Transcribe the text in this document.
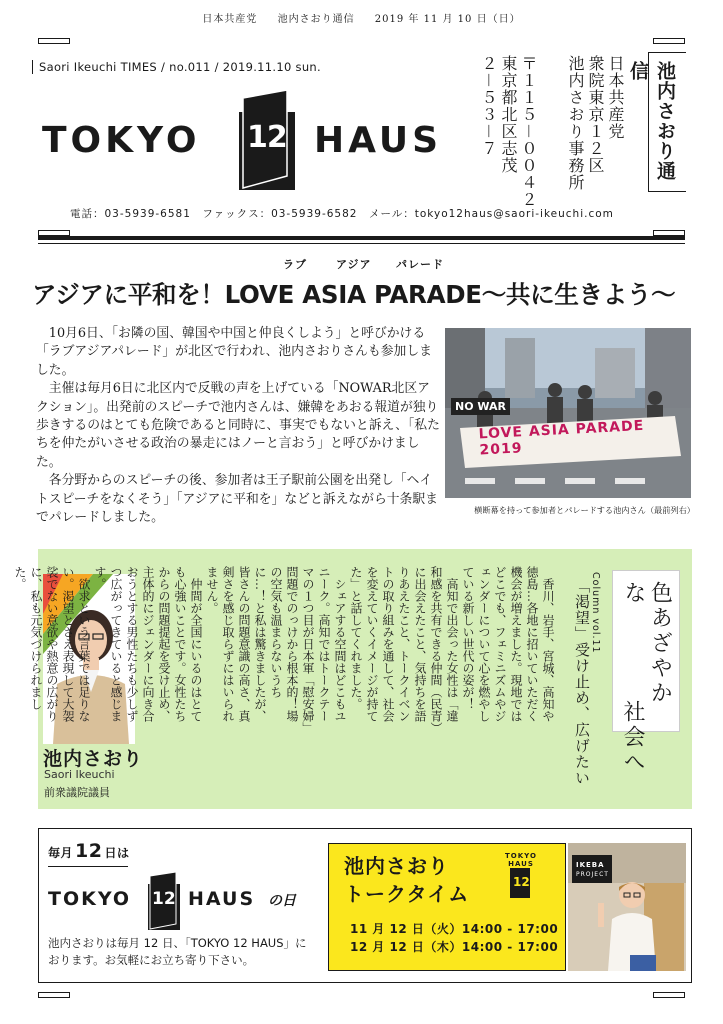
日本共産党 池内さおり通信 2019 年 11 月 10 日（日）
Saori Ikeuchi TIMES / no.011 / 2019.11.10 sun.
TOKYO 12 HAUS	〒１１５－００４２
東京都北区志茂
２－５３－７	日本共産党
衆院東京１２区
池内さおり事務所	池内さおり通信
電話：03-5939-6581　ファックス：03-5939-6582　メール：tokyo12haus@saori-ikeuchi.com
ラブ	アジア パレード
アジアに平和を！LOVE ASIA PARADE〜共に生きよう〜

10月6日、「お隣の国、韓国や中国と仲良くしよう」と呼びかける「ラブアジアパレード」が北区で行われ、池内さおりさんも参加しました。

主催は毎月6日に北区内で反戦の声を上げている「NOWAR北区アクション」。出発前のスピーチで池内さんは、嫌韓をあおる報道が独り歩きするのはとても危険であると同時に、事実でもないと訴え、「私たちを仲たがいさせる政治の暴走にはノーと言おう」と呼びかけました。

各分野からのスピーチの後、参加者は王子駅前公園を出発し「ヘイトスピーチをなくそう」「アジアに平和を」などと訴えながら十条駅までパレードしました。

LOVE ASIA PARADE 2019
NO WAR
横断幕を持って参加者とパレードする池内さん（最前列右）
池内さおり
Saori Ikeuchi
前衆議院議員

香川、岩手、宮城、高知や徳島…各地に招いていただく機会が増えました。現地ではどこでも、フェミニズムやジェンダーについて心を燃やしている新しい世代の姿が！

高知で出会った女性は「違和感を共有できる仲間（民青）に出会えたこと、気持ちを語りあえたこと、トークイベントの取り組みを通して、社会を変えていくイメージが持てた」と話してくれました。

シェアする空間はどこもユニーク。高知ではトークテーマの１つ目が日本軍「慰安婦」問題でのっけから根本的！場の空気も温まらないうちに…！と私は驚きましたが、皆さんの問題意識の高さ、真剣さを感じ取らずにはいられません。

仲間が全国にいるのはとても心強いことです。女性たちからの問題提起を受け止め、主体的にジェンダーに向き合おうとする男性たちも少しずつ広がってきていると感じます。

欲求という言葉では足りない。渇望とさえ表現して大袈裟でない意欲や熱意の広がりに、私も元気づけられました。	Column vol.11
「渇望」受け止め、広げたい	色あざやかな
社会へ
毎月 12 日は
TOKYO 12 HAUS の日
池内さおりは毎月 12 日、「TOKYO 12 HAUS」におります。お気軽にお立ち寄り下さい。
池内さおり
トークタイム
11 月 12 日（火）14:00 - 17:00
12 月 12 日（木）14:00 - 17:00
12
TOKYO HAUS	IKEBA
PROJECT
